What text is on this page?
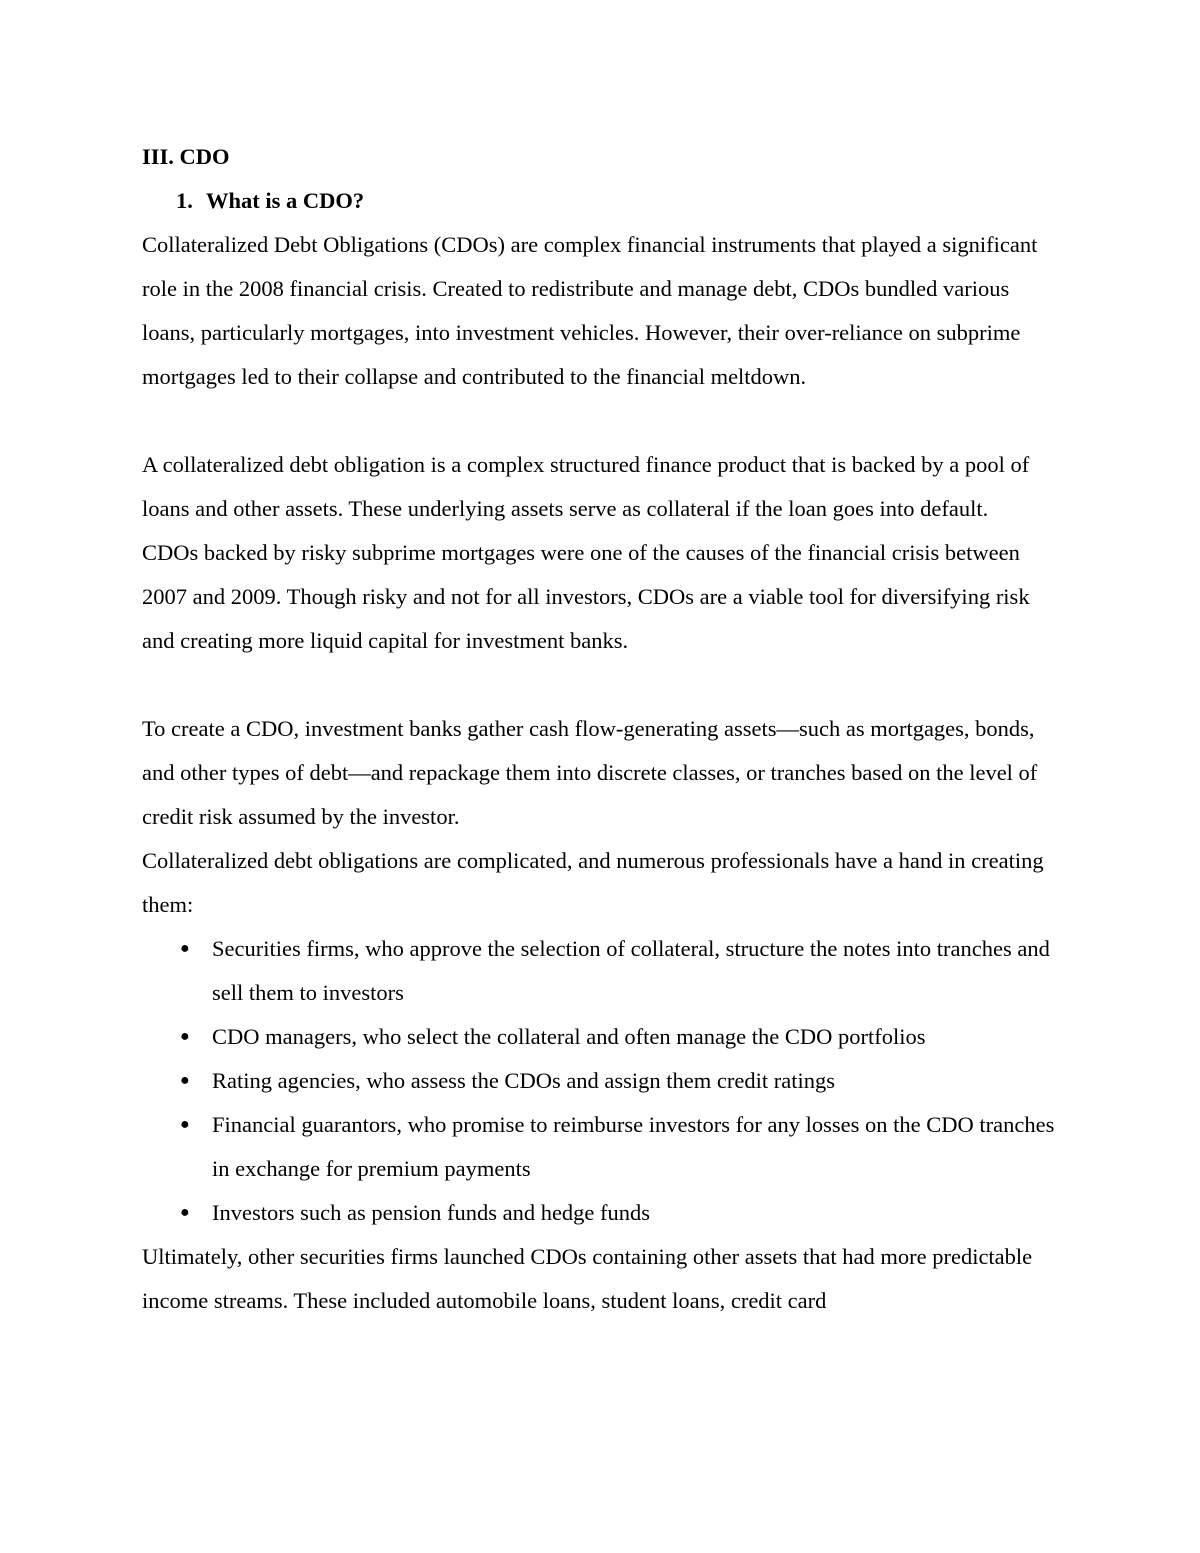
III. CDO

1. What is a CDO?

Collateralized Debt Obligations (CDOs) are complex financial instruments that played a significant role in the 2008 financial crisis. Created to redistribute and manage debt, CDOs bundled various loans, particularly mortgages, into investment vehicles. However, their over-reliance on subprime mortgages led to their collapse and contributed to the financial meltdown.

A collateralized debt obligation is a complex structured finance product that is backed by a pool of loans and other assets. These underlying assets serve as collateral if the loan goes into default.

CDOs backed by risky subprime mortgages were one of the causes of the financial crisis between 2007 and 2009. Though risky and not for all investors, CDOs are a viable tool for diversifying risk and creating more liquid capital for investment banks.

To create a CDO, investment banks gather cash flow-generating assets—such as mortgages, bonds, and other types of debt—and repackage them into discrete classes, or tranches based on the level of credit risk assumed by the investor.

Collateralized debt obligations are complicated, and numerous professionals have a hand in creating them:

● Securities firms, who approve the selection of collateral, structure the notes into tranches and sell them to investors
● CDO managers, who select the collateral and often manage the CDO portfolios
● Rating agencies, who assess the CDOs and assign them credit ratings
● Financial guarantors, who promise to reimburse investors for any losses on the CDO tranches in exchange for premium payments
● Investors such as pension funds and hedge funds

Ultimately, other securities firms launched CDOs containing other assets that had more predictable income streams. These included automobile loans, student loans, credit card
